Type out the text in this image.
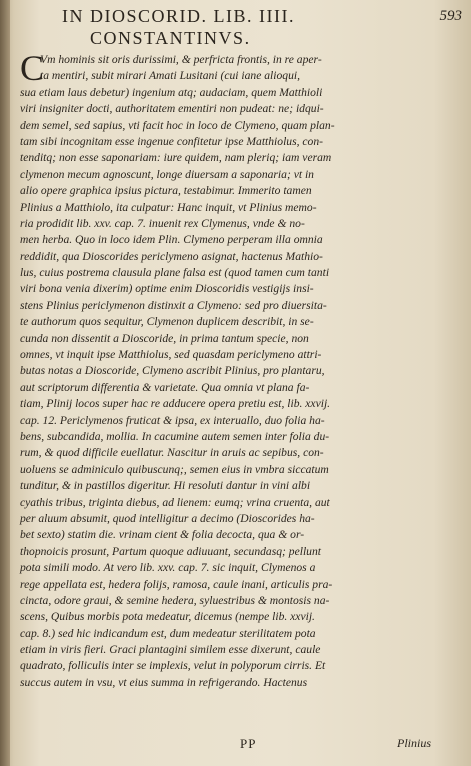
IN DIOSCORID. LIB. IIII.	593
CONSTANTINVS.
C
Vm hominis sit oris durissimi, & perfricta frontis, in re aper-
ta mentiri, subit mirari Amati Lusitani (cui iane alioqui,
sua etiam laus debetur) ingenium atq; audaciam, quem Matthioli
viri insigniter docti, authoritatem ementiri non pudeat: ne; idqui-
dem semel, sed sapius, vti facit hoc in loco de Clymeno, quam plan-
tam sibi incognitam esse ingenue confitetur ipse Matthiolus, con-
tenditq; non esse saponariam: iure quidem, nam pleriq; iam veram
clymenon mecum agnoscunt, longe diuersam a saponaria; vt in
alio opere graphica ipsius pictura, testabimur. Immerito tamen
Plinius a Matthiolo, ita culpatur: Hanc inquit, vt Plinius memo-
ria prodidit lib. xxv. cap. 7. inuenit rex Clymenus, vnde & no-
men herba. Quo in loco idem Plin. Clymeno perperam illa omnia
reddidit, qua Dioscorides periclymeno asignat, hactenus Mathio-
lus, cuius postrema clausula plane falsa est (quod tamen cum tanti
viri bona venia dixerim) optime enim Dioscoridis vestigijs insi-
stens Plinius periclymenon distinxit a Clymeno: sed pro diuersita-
te authorum quos sequitur, Clymenon duplicem describit, in se-
cunda non dissentit a Dioscoride, in prima tantum specie, non
omnes, vt inquit ipse Matthiolus, sed quasdam periclymeno attri-
butas notas a Dioscoride, Clymeno ascribit Plinius, pro plantaru,
aut scriptorum differentia & varietate. Qua omnia vt plana fa-
tiam, Plinij locos super hac re adducere opera pretiu est, lib. xxvij.
cap. 12. Periclymenos fruticat & ipsa, ex interuallo, duo folia ha-
bens, subcandida, mollia. In cacumine autem semen inter folia du-
rum, & quod difficile euellatur. Nascitur in aruis ac sepibus, con-
uoluens se adminiculo quibuscunq;, semen eius in vmbra siccatum
tunditur, & in pastillos digeritur. Hi resoluti dantur in vini albi
cyathis tribus, triginta diebus, ad lienem: eumq; vrina cruenta, aut
per aluum absumit, quod intelligitur a decimo (Dioscorides ha-
bet sexto) statim die. vrinam cient & folia decocta, qua & or-
thopnoicis prosunt, Partum quoque adiuuant, secundasq; pellunt
pota simili modo. At vero lib. xxv. cap. 7. sic inquit, Clymenos a
rege appellata est, hedera folijs, ramosa, caule inani, articulis pra-
cincta, odore graui, & semine hedera, syluestribus & montosis na-
scens, Quibus morbis pota medeatur, dicemus (nempe lib. xxvij.
cap. 8.) sed hic indicandum est, dum medeatur sterilitatem pota
etiam in viris fieri. Graci plantagini similem esse dixerunt, caule
quadrato, folliculis inter se implexis, velut in polyporum cirris. Et
succus autem in vsu, vt eius summa in refrigerando. Hactenus
PP	Plinius
